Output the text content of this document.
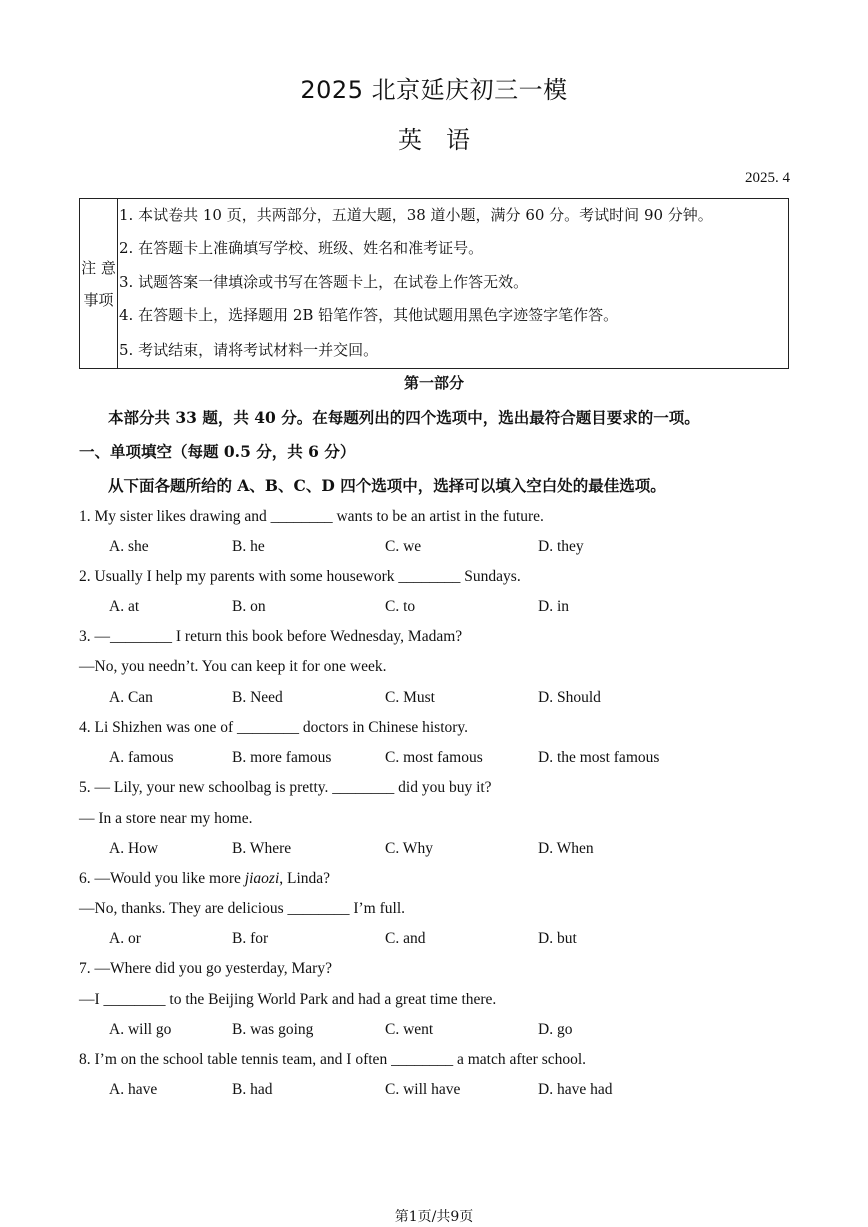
2025 北京延庆初三一模
英　语
2025. 4
注 意
事项
1. 本试卷共 10 页，共两部分，五道大题，38 道小题，满分 60 分。考试时间 90 分钟。
2. 在答题卡上准确填写学校、班级、姓名和准考证号。
3. 试题答案一律填涂或书写在答题卡上，在试卷上作答无效。
4. 在答题卡上，选择题用 2B 铅笔作答，其他试题用黑色字迹签字笔作答。
5. 考试结束，请将考试材料一并交回。
第一部分
本部分共 33 题，共 40 分。在每题列出的四个选项中，选出最符合题目要求的一项。
一、单项填空（每题 0.5 分，共 6 分）
从下面各题所给的 A、B、C、D 四个选项中，选择可以填入空白处的最佳选项。
1. My sister likes drawing and ________ wants to be an artist in the future.
A. she	B. he	C. we	D. they
2. Usually I help my parents with some housework ________ Sundays.
A. at	B. on	C. to	D. in
3. —________ I return this book before Wednesday, Madam?
—No, you needn’t. You can keep it for one week.
A. Can	B. Need	C. Must	D. Should
4. Li Shizhen was one of ________ doctors in Chinese history.
A. famous	B. more famous	C. most famous	D. the most famous
5. — Lily, your new schoolbag is pretty. ________ did you buy it?
— In a store near my home.
A. How	B. Where	C. Why	D. When
6. —Would you like more jiaozi, Linda?
—No, thanks. They are delicious ________ I’m full.
A. or	B. for	C. and	D. but
7. —Where did you go yesterday, Mary?
—I ________ to the Beijing World Park and had a great time there.
A. will go	B. was going	C. went	D. go
8. I’m on the school table tennis team, and I often ________ a match after school.
A. have	B. had	C. will have	D. have had
第1页/共9页
